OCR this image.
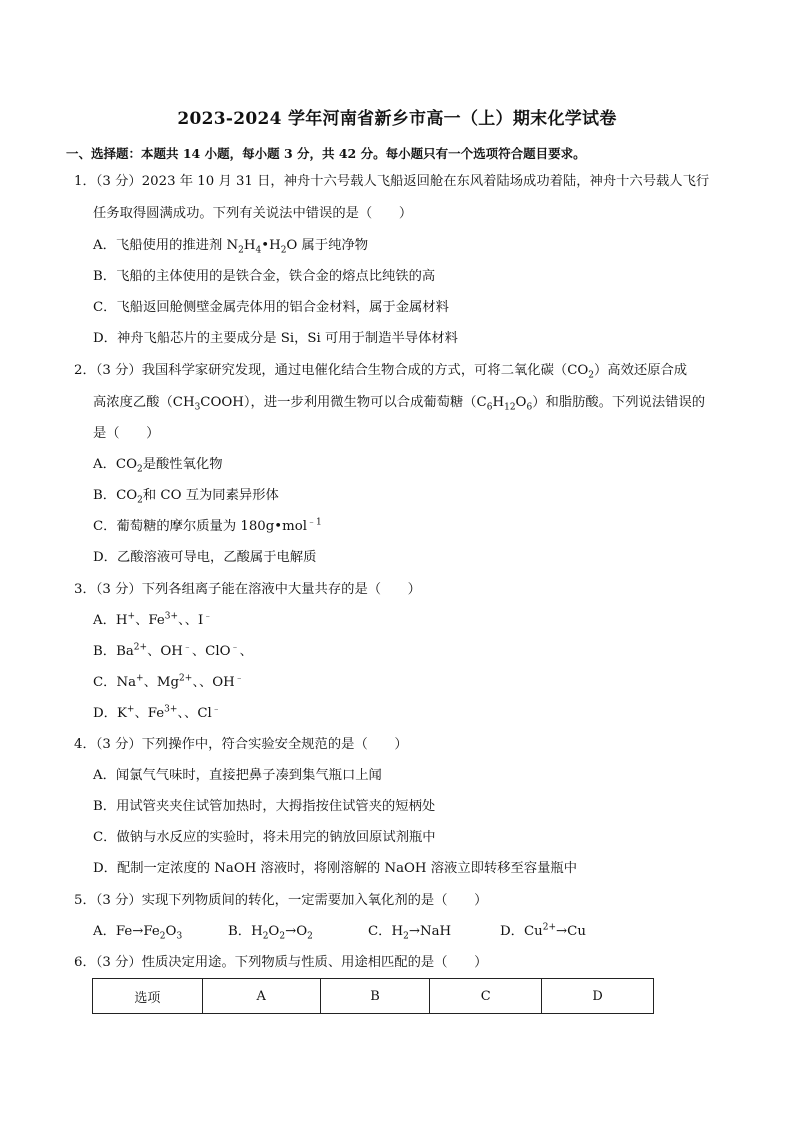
2023-2024 学年河南省新乡市高一（上）期末化学试卷
一、选择题：本题共 14 小题，每小题 3 分，共 42 分。每小题只有一个选项符合题目要求。
1．（3 分）2023 年 10 月 31 日，神舟十六号载人飞船返回舱在东风着陆场成功着陆，神舟十六号载人飞行
任务取得圆满成功。下列有关说法中错误的是（　　）
A．飞船使用的推进剂 $N_2H_4•H_2O$ 属于纯净物
B．飞船的主体使用的是铁合金，铁合金的熔点比纯铁的高
C．飞船返回舱侧壁金属壳体用的铝合金材料，属于金属材料
D．神舟飞船芯片的主要成分是 Si，Si 可用于制造半导体材料
2．（3 分）我国科学家研究发现，通过电催化结合生物合成的方式，可将二氧化碳$(CO_2)$高效还原合成
高浓度乙酸$(CH_3COOH)$，进一步利用微生物可以合成葡萄糖$(C_6H_{12}O_6)$和脂肪酸。下列说法错误的
是（　　）
A．$CO_2$是酸性氧化物
B．$CO_2$和 CO 互为同素异形体
C．葡萄糖的摩尔质量为 180g•mol$^{﹣1}$
D．乙酸溶液可导电，乙酸属于电解质
3．（3 分）下列各组离子能在溶液中大量共存的是（　　）
A．H+、$Fe^{3+}$、、I﹣
B．$Ba^{2+}$、OH﹣、ClO﹣、
C．Na+、$Mg^{2+}$、、OH﹣
D．K+、$Fe^{3+}$、、Cl﹣
4．（3 分）下列操作中，符合实验安全规范的是（　　）
A．闻氯气气味时，直接把鼻子凑到集气瓶口上闻
B．用试管夹夹住试管加热时，大拇指按住试管夹的短柄处
C．做钠与水反应的实验时，将未用完的钠放回原试剂瓶中
D．配制一定浓度的 NaOH 溶液时，将刚溶解的 NaOH 溶液立即转移至容量瓶中
5．（3 分）实现下列物质间的转化，一定需要加入氧化剂的是（　　）
A．$Fe\to Fe_2O_3$	B．$H_2O_2\to O_2$	C．$H_2\to NaH$	D．$Cu^{2+}\to Cu$
6．（3 分）性质决定用途。下列物质与性质、用途相匹配的是（　　）
选项	A	B	C	D
